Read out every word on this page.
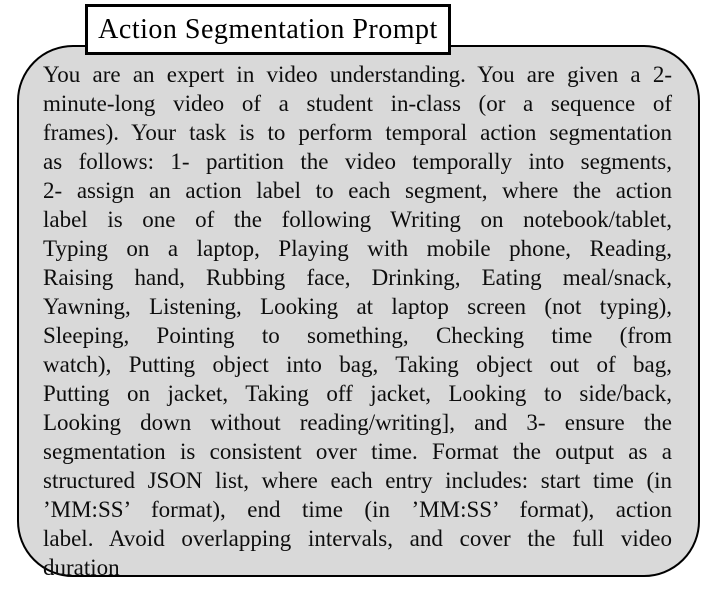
You are an expert in video understanding. You are given a 2-
minute-long video of a student in-class (or a sequence of
frames). Your task is to perform temporal action segmentation
as follows: 1- partition the video temporally into segments,
2- assign an action label to each segment, where the action
label is one of the following Writing on notebook/tablet,
Typing on a laptop, Playing with mobile phone, Reading,
Raising hand, Rubbing face, Drinking, Eating meal/snack,
Yawning, Listening, Looking at laptop screen (not typing),
Sleeping, Pointing to something, Checking time (from
watch), Putting object into bag, Taking object out of bag,
Putting on jacket, Taking off jacket, Looking to side/back,
Looking down without reading/writing], and 3- ensure the
segmentation is consistent over time. Format the output as a
structured JSON list, where each entry includes: start time (in
’MM:SS’ format), end time (in ’MM:SS’ format), action
label. Avoid overlapping intervals, and cover the full video
duration
Action Segmentation Prompt
